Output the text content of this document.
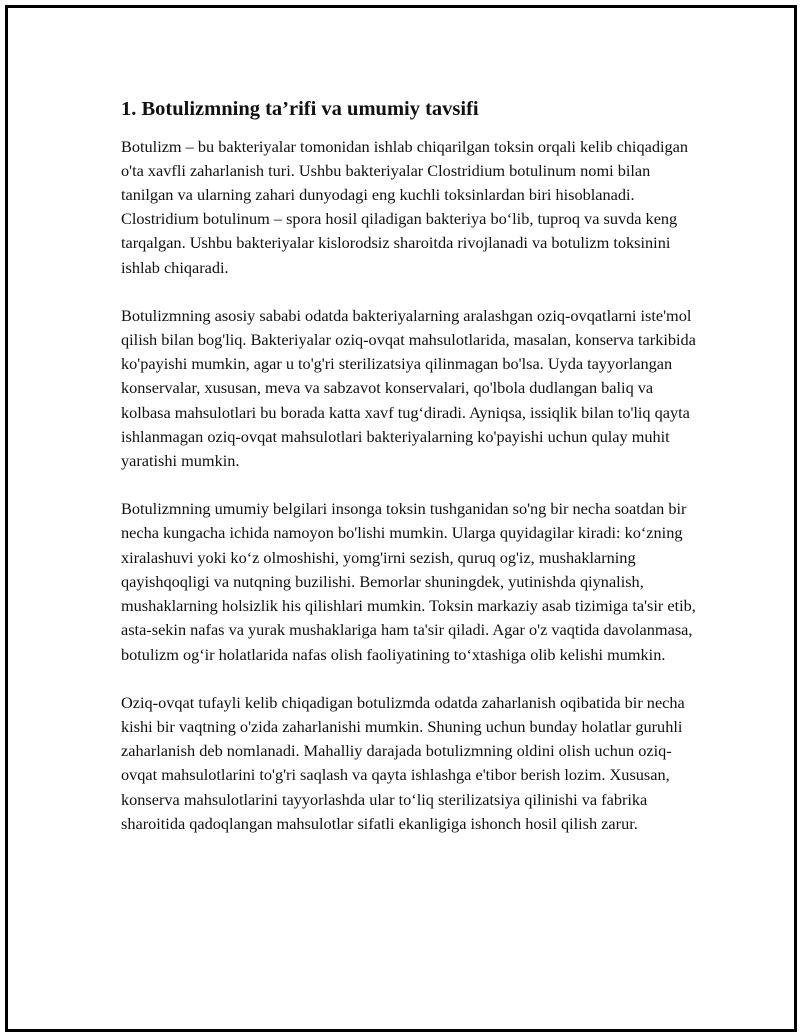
1. Botulizmning ta’rifi va umumiy tavsifi

Botulizm – bu bakteriyalar tomonidan ishlab chiqarilgan toksin orqali kelib chiqadigan o'ta xavfli zaharlanish turi. Ushbu bakteriyalar Clostridium botulinum nomi bilan tanilgan va ularning zahari dunyodagi eng kuchli toksinlardan biri hisoblanadi. Clostridium botulinum – spora hosil qiladigan bakteriya bo‘lib, tuproq va suvda keng tarqalgan. Ushbu bakteriyalar kislorodsiz sharoitda rivojlanadi va botulizm toksinini ishlab chiqaradi.

Botulizmning asosiy sababi odatda bakteriyalarning aralashgan oziq-ovqatlarni iste'mol qilish bilan bog'liq. Bakteriyalar oziq-ovqat mahsulotlarida, masalan, konserva tarkibida ko'payishi mumkin, agar u to'g'ri sterilizatsiya qilinmagan bo'lsa. Uyda tayyorlangan konservalar, xususan, meva va sabzavot konservalari, qo'lbola dudlangan baliq va kolbasa mahsulotlari bu borada katta xavf tug‘diradi. Ayniqsa, issiqlik bilan to'liq qayta ishlanmagan oziq-ovqat mahsulotlari bakteriyalarning ko'payishi uchun qulay muhit yaratishi mumkin.

Botulizmning umumiy belgilari insonga toksin tushganidan so'ng bir necha soatdan bir necha kungacha ichida namoyon bo'lishi mumkin. Ularga quyidagilar kiradi: ko‘zning xiralashuvi yoki ko‘z olmoshishi, yomg'irni sezish, quruq og'iz, mushaklarning qayishqoqligi va nutqning buzilishi. Bemorlar shuningdek, yutinishda qiynalish, mushaklarning holsizlik his qilishlari mumkin. Toksin markaziy asab tizimiga ta'sir etib, asta-sekin nafas va yurak mushaklariga ham ta'sir qiladi. Agar o'z vaqtida davolanmasa, botulizm og‘ir holatlarida nafas olish faoliyatining to‘xtashiga olib kelishi mumkin.

Oziq-ovqat tufayli kelib chiqadigan botulizmda odatda zaharlanish oqibatida bir necha kishi bir vaqtning o'zida zaharlanishi mumkin. Shuning uchun bunday holatlar guruhli zaharlanish deb nomlanadi. Mahalliy darajada botulizmning oldini olish uchun oziq-ovqat mahsulotlarini to'g'ri saqlash va qayta ishlashga e'tibor berish lozim. Xususan, konserva mahsulotlarini tayyorlashda ular to‘liq sterilizatsiya qilinishi va fabrika sharoitida qadoqlangan mahsulotlar sifatli ekanligiga ishonch hosil qilish zarur.
